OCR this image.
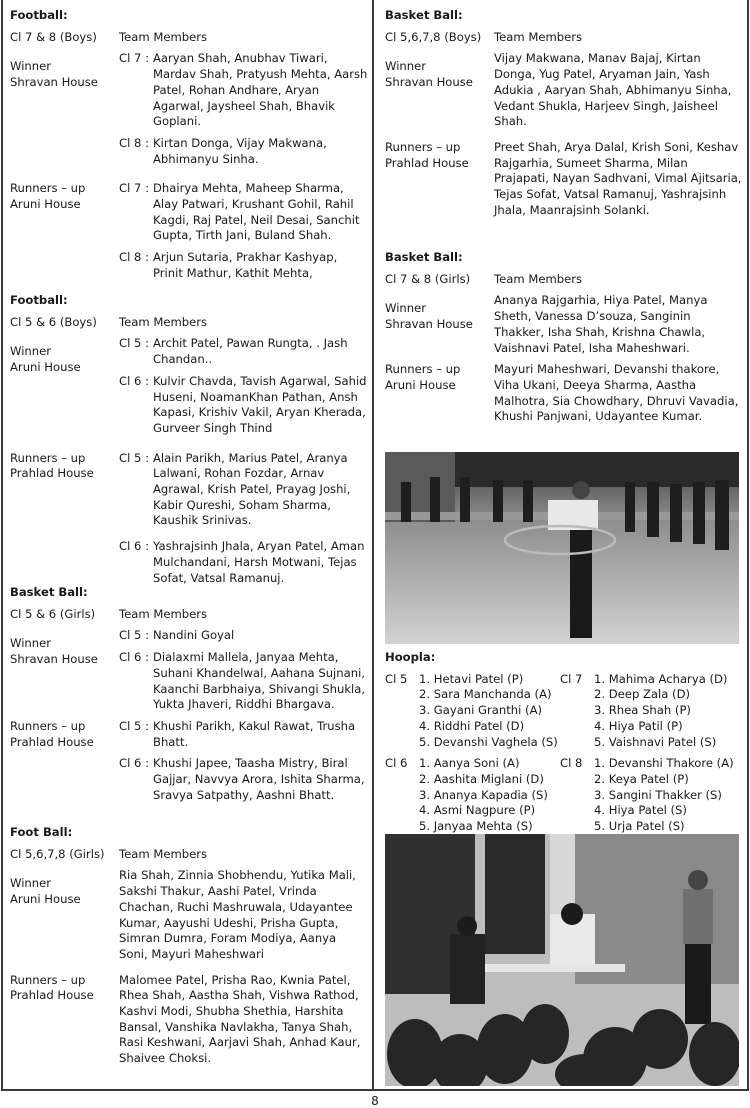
Football:
Cl 7 & 8 (Boys)	Team Members
Winner
Shravan House
Cl 7 : Aaryan Shah, Anubhav Tiwari, Mardav Shah, Pratyush Mehta, Aarsh Patel, Rohan Andhare, Aryan Agarwal, Jaysheel Shah, Bhavik Goplani.
Cl 8 : Kirtan Donga, Vijay Makwana, Abhimanyu Sinha.
Runners – up
Aruni House
Cl 7 : Dhairya Mehta, Maheep Sharma, Alay Patwari, Krushant Gohil, Rahil Kagdi, Raj Patel, Neil Desai, Sanchit Gupta, Tirth Jani, Buland Shah.
Cl 8 : Arjun Sutaria, Prakhar Kashyap, Prinit Mathur, Kathit Mehta,
Football:
Cl 5 & 6 (Boys)	Team Members
Winner
Aruni House
Cl 5 : Archit Patel, Pawan Rungta, . Jash Chandan..
Cl 6 : Kulvir Chavda, Tavish Agarwal, Sahid Huseni, NoamanKhan Pathan, Ansh Kapasi, Krishiv Vakil, Aryan Kherada, Gurveer Singh Thind
Runners – up
Prahlad House
Cl 5 : Alain Parikh, Marius Patel, Aranya Lalwani, Rohan Fozdar, Arnav Agrawal, Krish Patel, Prayag Joshi, Kabir Qureshi, Soham Sharma, Kaushik Srinivas.
Cl 6 : Yashrajsinh Jhala, Aryan Patel, Aman Mulchandani, Harsh Motwani, Tejas Sofat, Vatsal Ramanuj.
Basket Ball:
Cl 5 & 6 (Girls)	Team Members
Winner
Shravan House
Cl 5 : Nandini Goyal
Cl 6 : Dialaxmi Mallela, Janyaa Mehta, Suhani Khandelwal, Aahana Sujnani, Kaanchi Barbhaiya, Shivangi Shukla, Yukta Jhaveri, Riddhi Bhargava.
Runners – up
Prahlad House
Cl 5 : Khushi Parikh, Kakul Rawat, Trusha Bhatt.
Cl 6 : Khushi Japee, Taasha Mistry, Biral Gajjar, Navvya Arora, Ishita Sharma, Sravya Satpathy, Aashni Bhatt.
Foot Ball:
Cl 5,6,7,8 (Girls)	Team Members
Winner
Aruni House
Ria Shah, Zinnia Shobhendu, Yutika Mali, Sakshi Thakur, Aashi Patel, Vrinda Chachan, Ruchi Mashruwala, Udayantee Kumar, Aayushi Udeshi, Prisha Gupta, Simran Dumra, Foram Modiya, Aanya Soni, Mayuri Maheshwari
Runners – up
Prahlad House
Malomee Patel, Prisha Rao, Kwnia Patel, Rhea Shah, Aastha Shah, Vishwa Rathod, Kashvi Modi, Shubha Shethia, Harshita Bansal, Vanshika Navlakha, Tanya Shah, Rasi Keshwani, Aarjavi Shah, Anhad Kaur, Shaivee Choksi.
Basket Ball:
Cl 5,6,7,8 (Boys)	Team Members
Winner
Shravan House
Vijay Makwana, Manav Bajaj, Kirtan Donga, Yug Patel, Aryaman Jain, Yash Adukia , Aaryan Shah, Abhimanyu Sinha, Vedant Shukla, Harjeev Singh, Jaisheel Shah.
Runners – up
Prahlad House
Preet Shah, Arya Dalal, Krish Soni, Keshav Rajgarhia, Sumeet Sharma, Milan Prajapati, Nayan Sadhvani, Vimal Ajitsaria, Tejas Sofat, Vatsal Ramanuj, Yashrajsinh Jhala, Maanrajsinh Solanki.
Basket Ball:
Cl 7 & 8 (Girls)	Team Members
Winner
Shravan House
Ananya Rajgarhia, Hiya Patel, Manya Sheth, Vanessa D’souza, Sanginin Thakker, Isha Shah, Krishna Chawla, Vaishnavi Patel, Isha Maheshwari.
Runners – up
Aruni House
Mayuri Maheshwari, Devanshi thakore, Viha Ukani, Deeya Sharma, Aastha Malhotra, Sia Chowdhary, Dhruvi Vavadia, Khushi Panjwani, Udayantee Kumar.
Hoopla:
Cl 5	1. Hetavi Patel (P)
2. Sara Manchanda (A)
3. Gayani Granthi (A)
4. Riddhi Patel (D)
5. Devanshi Vaghela (S)
Cl 7	1. Mahima Acharya (D)
2. Deep Zala (D)
3. Rhea Shah (P)
4. Hiya Patil (P)
5. Vaishnavi Patel (S)
Cl 6	1. Aanya Soni (A)
2. Aashita Miglani (D)
3. Ananya Kapadia (S)
4. Asmi Nagpure (P)
5. Janyaa Mehta (S)
Cl 8	1. Devanshi Thakore (A)
2. Keya Patel (P)
3. Sangini Thakker (S)
4. Hiya Patel (S)
5. Urja Patel (S)
8
